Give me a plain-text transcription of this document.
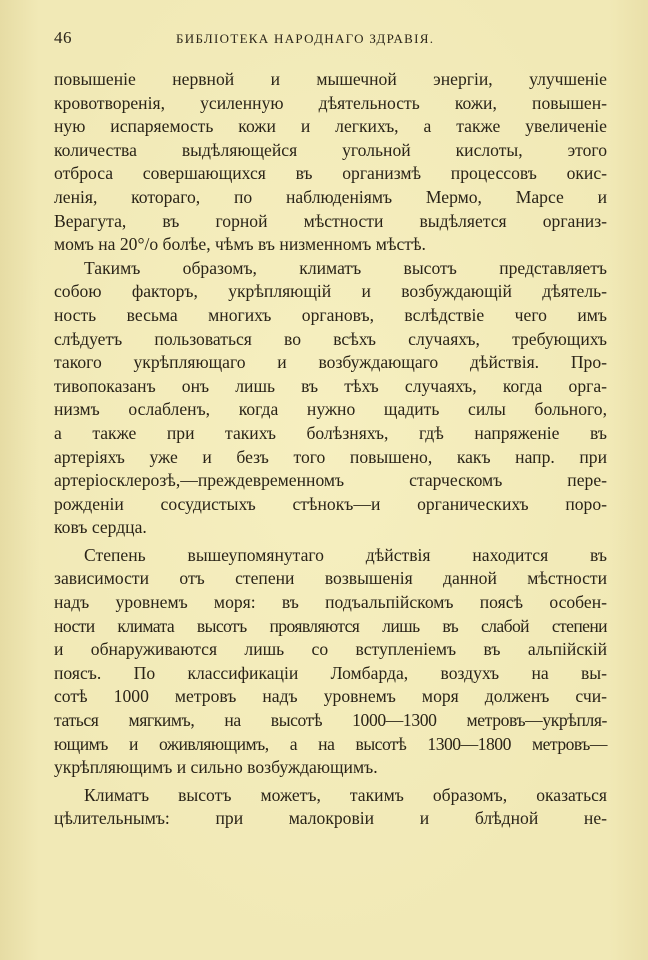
46	БИБЛIОТЕКА НАРОДНАГО ЗДРАВIЯ.
повышенiе нервной и мышечной энергiи, улучшенiе
кровотворенiя, усиленную дѣятельность кожи, повышен-
ную испаряемость кожи и легкихъ, а также увеличенiе
количества выдѣляющейся угольной кислоты, этого
отброса совершающихся въ организмѣ процессовъ окис-
ленiя, котораго, по наблюденiямъ Мермо, Марсе и
Верагута, въ горной мѣстности выдѣляется организ-
момъ на 20°/о болѣе, чѣмъ въ низменномъ мѣстѣ.
Такимъ образомъ, климатъ высотъ представляетъ
собою факторъ, укрѣпляющiй и возбуждающiй дѣятель-
ность весьма многихъ органовъ, вслѣдствiе чего имъ
слѣдуетъ пользоваться во всѣхъ случаяхъ, требующихъ
такого укрѣпляющаго и возбуждающаго дѣйствiя. Про-
тивопоказанъ онъ лишь въ тѣхъ случаяхъ, когда орга-
низмъ ослабленъ, когда нужно щадить силы больного,
а также при такихъ болѣзняхъ, гдѣ напряженiе въ
артерiяхъ уже и безъ того повышено, какъ напр. при
артерiосклерозѣ,—преждевременномъ старческомъ пере-
рожденiи сосудистыхъ стѣнокъ—и органическихъ поро-
ковъ сердца.
Степень вышеупомянутаго дѣйствiя находится въ
зависимости отъ степени возвышенiя данной мѣстности
надъ уровнемъ моря: въ подъальпiйскомъ поясѣ особен-
ности климата высотъ проявляются лишь въ слабой степени
и обнаруживаются лишь со вступленiемъ въ альпiйскiй
поясъ. По классификацiи Ломбарда, воздухъ на вы-
сотѣ 1000 метровъ надъ уровнемъ моря долженъ счи-
таться мягкимъ, на высотѣ 1000—1300 метровъ—укрѣпля-
ющимъ и оживляющимъ, а на высотѣ 1300—1800 метровъ—
укрѣпляющимъ и сильно возбуждающимъ.
Климатъ высотъ можетъ, такимъ образомъ, оказаться
цѣлительнымъ: при малокровiи и блѣдной не-
